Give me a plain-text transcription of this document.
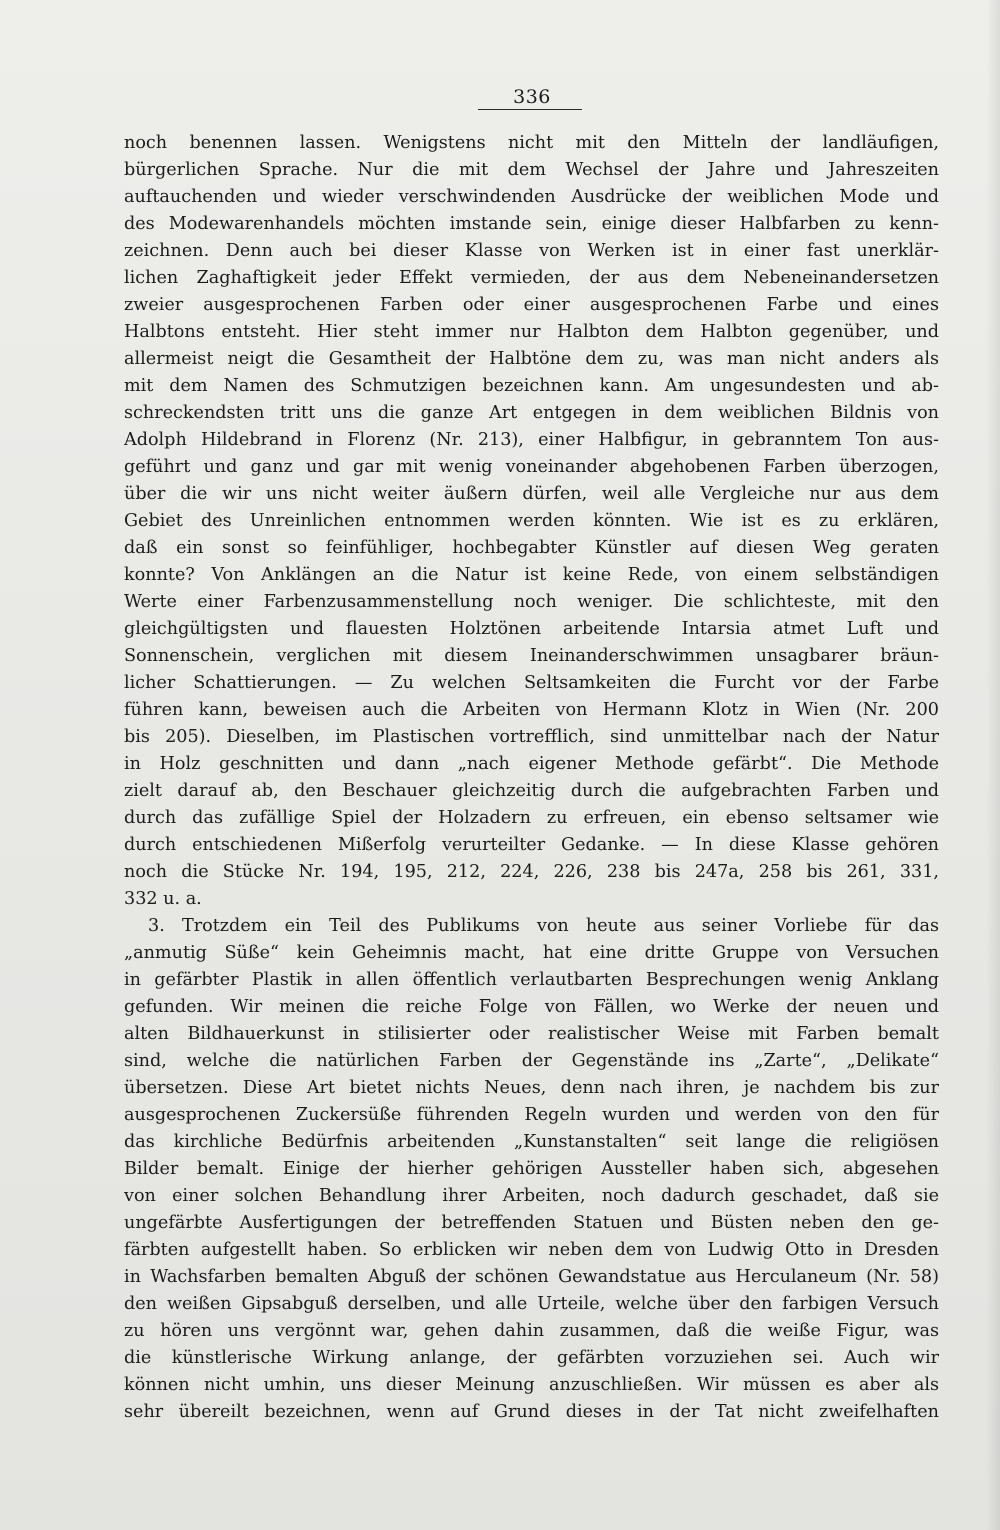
336
noch benennen lassen. Wenigstens nicht mit den Mitteln der landläufigen,
bürgerlichen Sprache. Nur die mit dem Wechsel der Jahre und Jahreszeiten
auftauchenden und wieder verschwindenden Ausdrücke der weiblichen Mode und
des Modewarenhandels möchten imstande sein, einige dieser Halbfarben zu kenn-
zeichnen. Denn auch bei dieser Klasse von Werken ist in einer fast unerklär-
lichen Zaghaftigkeit jeder Effekt vermieden, der aus dem Nebeneinandersetzen
zweier ausgesprochenen Farben oder einer ausgesprochenen Farbe und eines
Halbtons entsteht. Hier steht immer nur Halbton dem Halbton gegenüber, und
allermeist neigt die Gesamtheit der Halbtöne dem zu, was man nicht anders als
mit dem Namen des Schmutzigen bezeichnen kann. Am ungesundesten und ab-
schreckendsten tritt uns die ganze Art entgegen in dem weiblichen Bildnis von
Adolph Hildebrand in Florenz (Nr. 213), einer Halbfigur, in gebranntem Ton aus-
geführt und ganz und gar mit wenig voneinander abgehobenen Farben überzogen,
über die wir uns nicht weiter äußern dürfen, weil alle Vergleiche nur aus dem
Gebiet des Unreinlichen entnommen werden könnten. Wie ist es zu erklären,
daß ein sonst so feinfühliger, hochbegabter Künstler auf diesen Weg geraten
konnte? Von Anklängen an die Natur ist keine Rede, von einem selbständigen
Werte einer Farbenzusammenstellung noch weniger. Die schlichteste, mit den
gleichgültigsten und flauesten Holztönen arbeitende Intarsia atmet Luft und
Sonnenschein, verglichen mit diesem Ineinanderschwimmen unsagbarer bräun-
licher Schattierungen. — Zu welchen Seltsamkeiten die Furcht vor der Farbe
führen kann, beweisen auch die Arbeiten von Hermann Klotz in Wien (Nr. 200
bis 205). Dieselben, im Plastischen vortrefflich, sind unmittelbar nach der Natur
in Holz geschnitten und dann „nach eigener Methode gefärbt“. Die Methode
zielt darauf ab, den Beschauer gleichzeitig durch die aufgebrachten Farben und
durch das zufällige Spiel der Holzadern zu erfreuen, ein ebenso seltsamer wie
durch entschiedenen Mißerfolg verurteilter Gedanke. — In diese Klasse gehören
noch die Stücke Nr. 194, 195, 212, 224, 226, 238 bis 247a, 258 bis 261, 331,
332 u. a.
3. Trotzdem ein Teil des Publikums von heute aus seiner Vorliebe für das
„anmutig Süße“ kein Geheimnis macht, hat eine dritte Gruppe von Versuchen
in gefärbter Plastik in allen öffentlich verlautbarten Besprechungen wenig Anklang
gefunden. Wir meinen die reiche Folge von Fällen, wo Werke der neuen und
alten Bildhauerkunst in stilisierter oder realistischer Weise mit Farben bemalt
sind, welche die natürlichen Farben der Gegenstände ins „Zarte“, „Delikate“
übersetzen. Diese Art bietet nichts Neues, denn nach ihren, je nachdem bis zur
ausgesprochenen Zuckersüße führenden Regeln wurden und werden von den für
das kirchliche Bedürfnis arbeitenden „Kunstanstalten“ seit lange die religiösen
Bilder bemalt. Einige der hierher gehörigen Aussteller haben sich, abgesehen
von einer solchen Behandlung ihrer Arbeiten, noch dadurch geschadet, daß sie
ungefärbte Ausfertigungen der betreffenden Statuen und Büsten neben den ge-
färbten aufgestellt haben. So erblicken wir neben dem von Ludwig Otto in Dresden
in Wachsfarben bemalten Abguß der schönen Gewandstatue aus Herculaneum (Nr. 58)
den weißen Gipsabguß derselben, und alle Urteile, welche über den farbigen Versuch
zu hören uns vergönnt war, gehen dahin zusammen, daß die weiße Figur, was
die künstlerische Wirkung anlange, der gefärbten vorzuziehen sei. Auch wir
können nicht umhin, uns dieser Meinung anzuschließen. Wir müssen es aber als
sehr übereilt bezeichnen, wenn auf Grund dieses in der Tat nicht zweifelhaften
